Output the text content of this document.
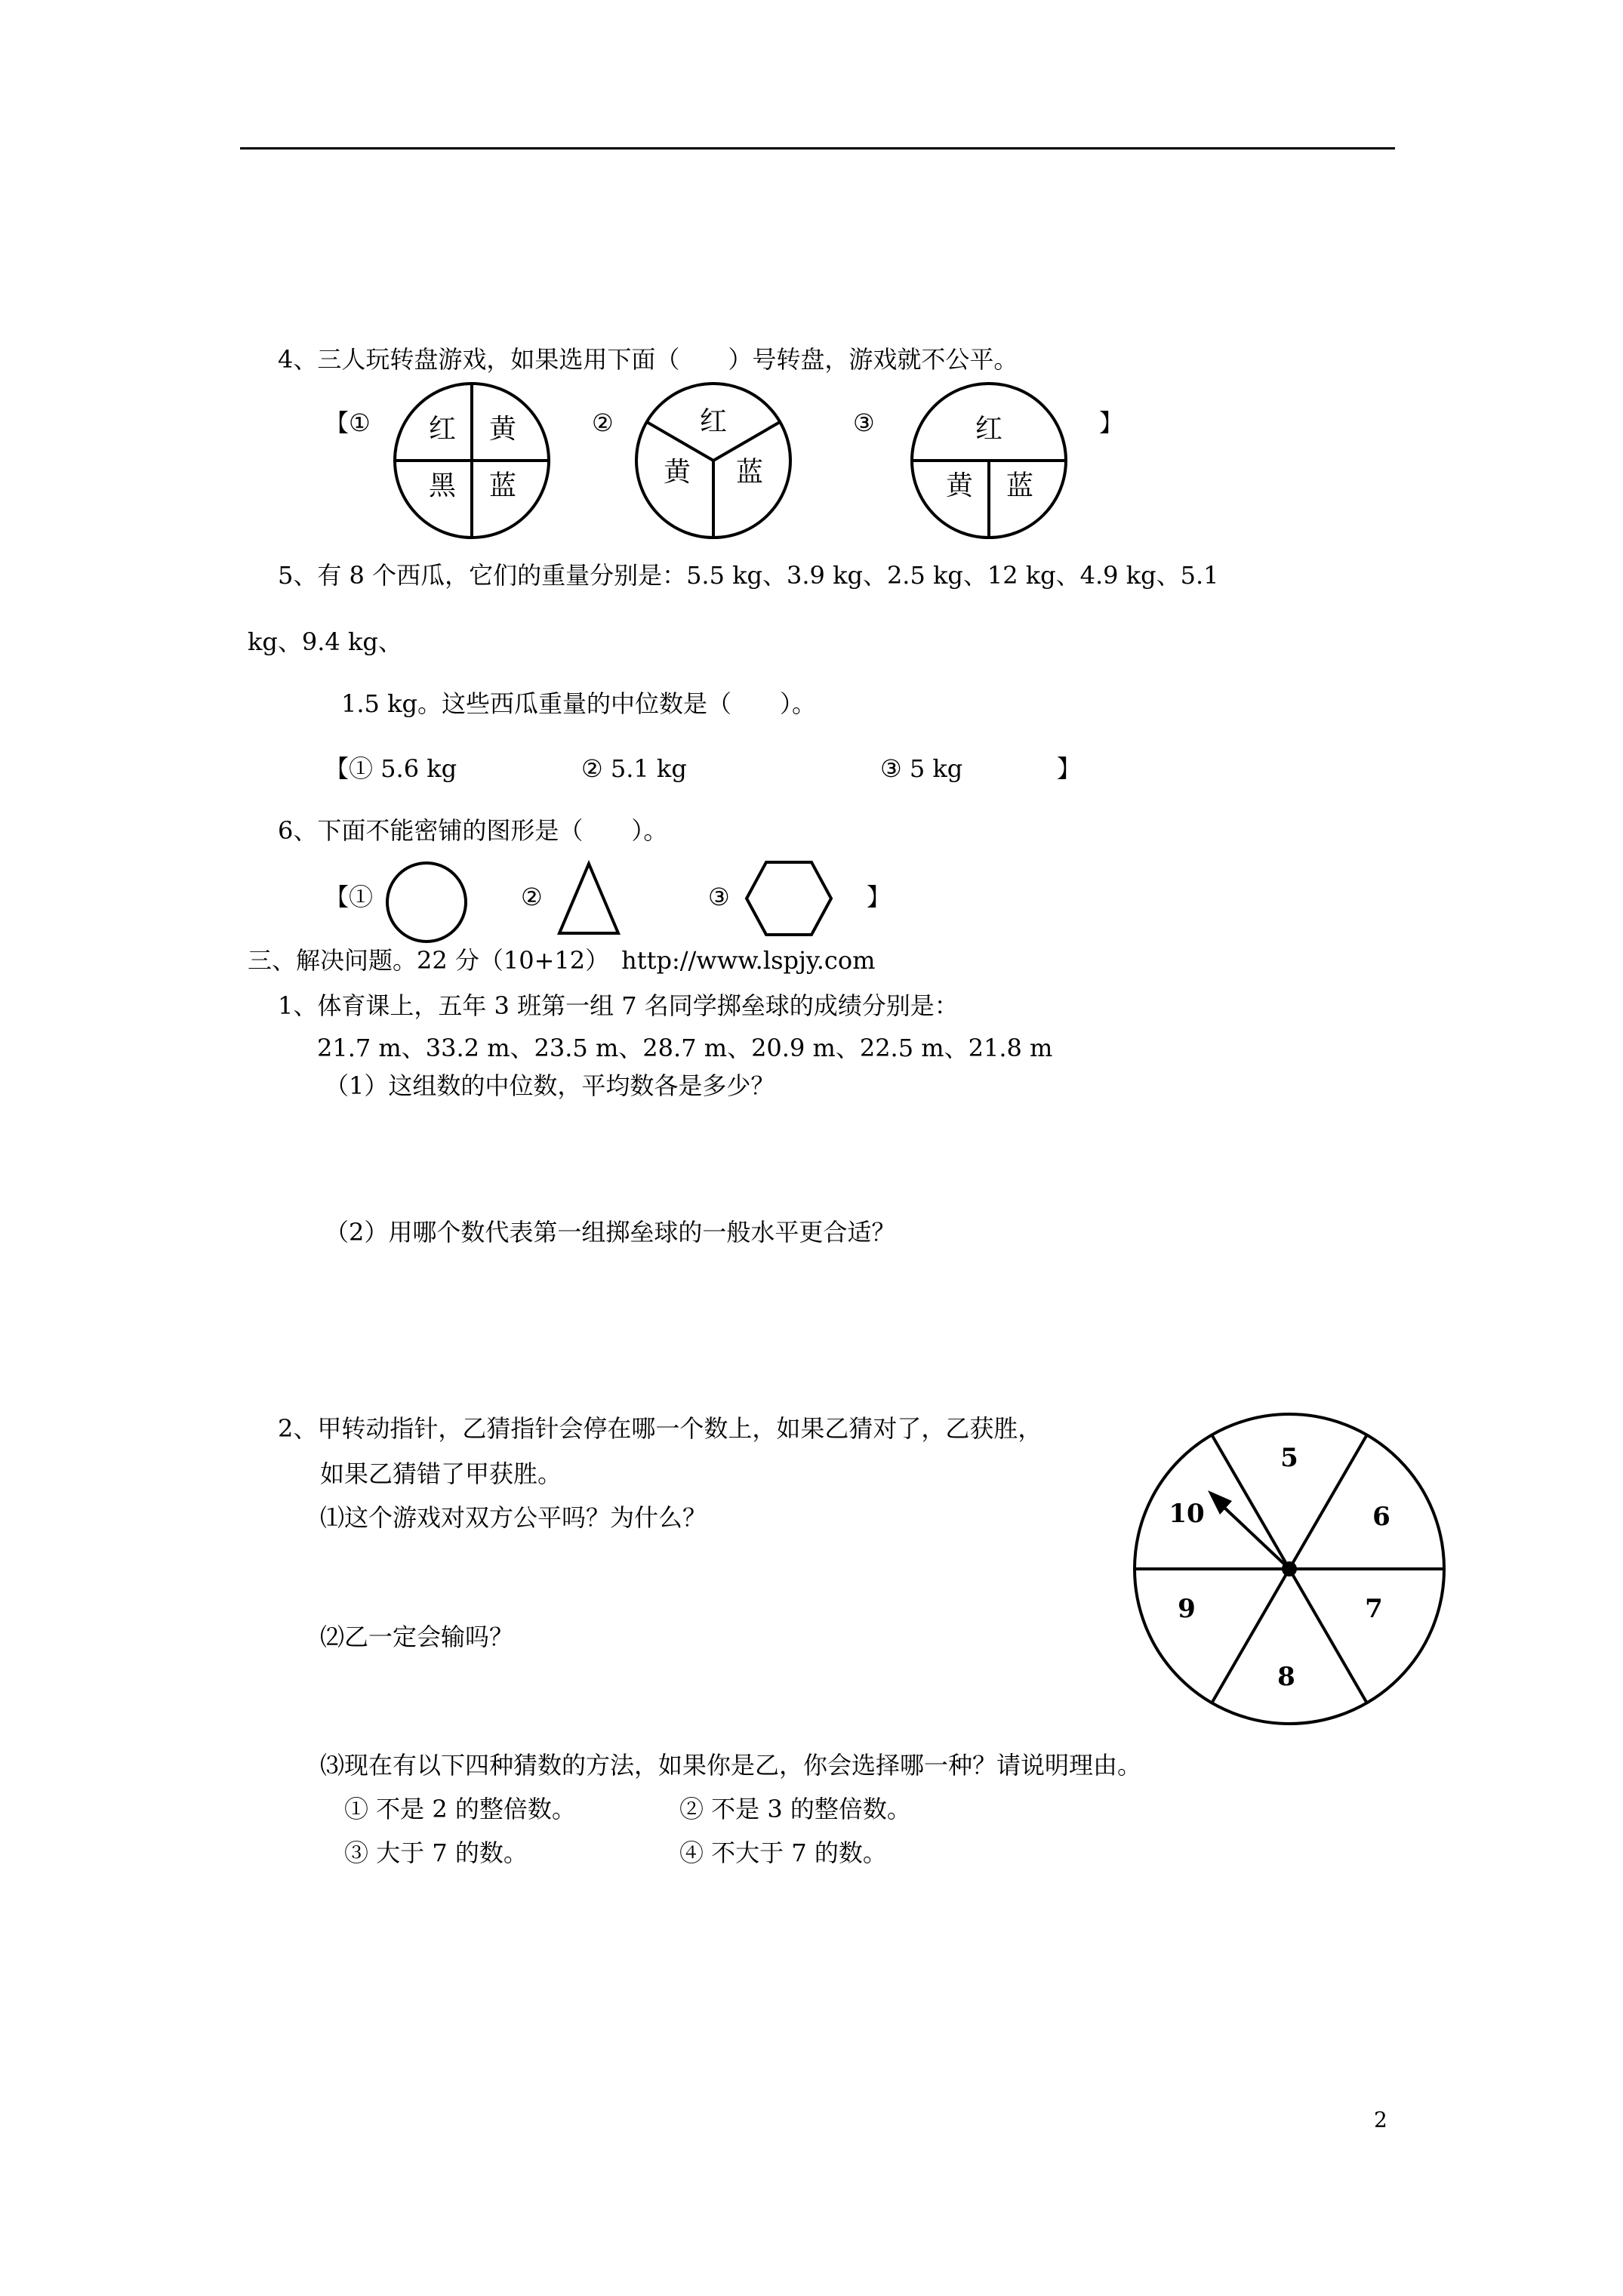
4、三人玩转盘游戏，如果选用下面（　　）号转盘，游戏就不公平。
【 ①	②	③	】
红 黄
黑 蓝
红
黄 蓝
红
黄 蓝
5、有 8 个西瓜，它们的重量分别是：5.5 kg、3.9 kg、2.5 kg、12 kg、4.9 kg、5.1
kg、9.4 kg、
1.5 kg。这些西瓜重量的中位数是（　　）。
【① 5.6 kg	② 5.1 kg	③ 5 kg	】
6、下面不能密铺的图形是（　　）。
【①	②	③	】
三、解决问题。22 分（10+12）　http://www.lspjy.com
1、体育课上，五年 3 班第一组 7 名同学掷垒球的成绩分别是：
21.7 m、33.2 m、23.5 m、28.7 m、20.9 m、22.5 m、21.8 m
（1）这组数的中位数，平均数各是多少？
（2）用哪个数代表第一组掷垒球的一般水平更合适？
2、甲转动指针，乙猜指针会停在哪一个数上，如果乙猜对了，乙获胜，
如果乙猜错了甲获胜。
⑴这个游戏对双方公平吗？为什么？
⑵乙一定会输吗？
⑶现在有以下四种猜数的方法，如果你是乙，你会选择哪一种？请说明理由。
① 不是 2 的整倍数。	② 不是 3 的整倍数。
③ 大于 7 的数。	④ 不大于 7 的数。
5
6
7
8
9
10
2
